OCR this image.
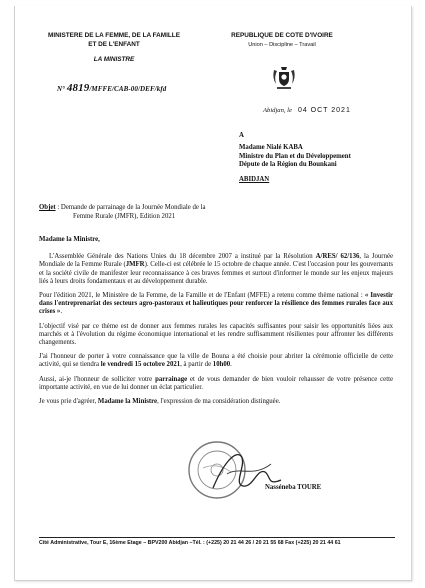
MINISTERE DE LA FEMME, DE LA FAMILLE
ET DE L'ENFANT
LA MINISTRE
REPUBLIQUE DE COTE D'IVOIRE
Union – Discipline – Travail
N° 4819/MFFE/CAB-00/DEF/kfd
Abidjan, le 04 OCT 2021
A
Madame Nialé KABA
Ministre du Plan et du Développement
Députe de la Région du Bounkani
ABIDJAN
Objet : Demande de parrainage de la Journée Mondiale de la
Femme Rurale (JMFR), Edition 2021

Madame la Ministre,

L'Assemblée Générale des Nations Unies du 18 décembre 2007 a institué par la Résolution A/RES/ 62/136, la Journée Mondiale de la Femme Rurale (JMFR). Celle-ci est célébrée le 15 octobre de chaque année. C'est l'occasion pour les gouvernants et la société civile de manifester leur reconnaissance à ces braves femmes et surtout d'informer le monde sur les enjeux majeurs liés à leurs droits fondamentaux et au développement durable.

Pour l'édition 2021, le Ministère de la Femme, de la Famille et de l'Enfant (MFFE) a retenu comme thème national : « Investir dans l'entreprenariat des secteurs agro-pastoraux et halieutiques pour renforcer la résilience des femmes rurales face aux crises ».

L'objectif visé par ce thème est de donner aux femmes rurales les capacités suffisantes pour saisir les opportunités liées aux marchés et à l'évolution du régime économique international et les rendre suffisamment résilientes pour affronter les différents changements.

J'ai l'honneur de porter à votre connaissance que la ville de Bouna a été choisie pour abriter la cérémonie officielle de cette activité, qui se tiendra le vendredi 15 octobre 2021, à partir de 10h00.

Aussi, ai-je l'honneur de solliciter votre parrainage et de vous demander de bien vouloir rehausser de votre présence cette importante activité, en vue de lui donner un éclat particulier.

Je vous prie d'agréer, Madame la Ministre, l'expression de ma considération distinguée.

Nasséneba TOURE
Cité Administrative, Tour E, 16ème Etage – BPV200 Abidjan –Tél. : (+225) 20 21 44 26 / 20 21 55 68 Fax (+225) 20 21 44 61
